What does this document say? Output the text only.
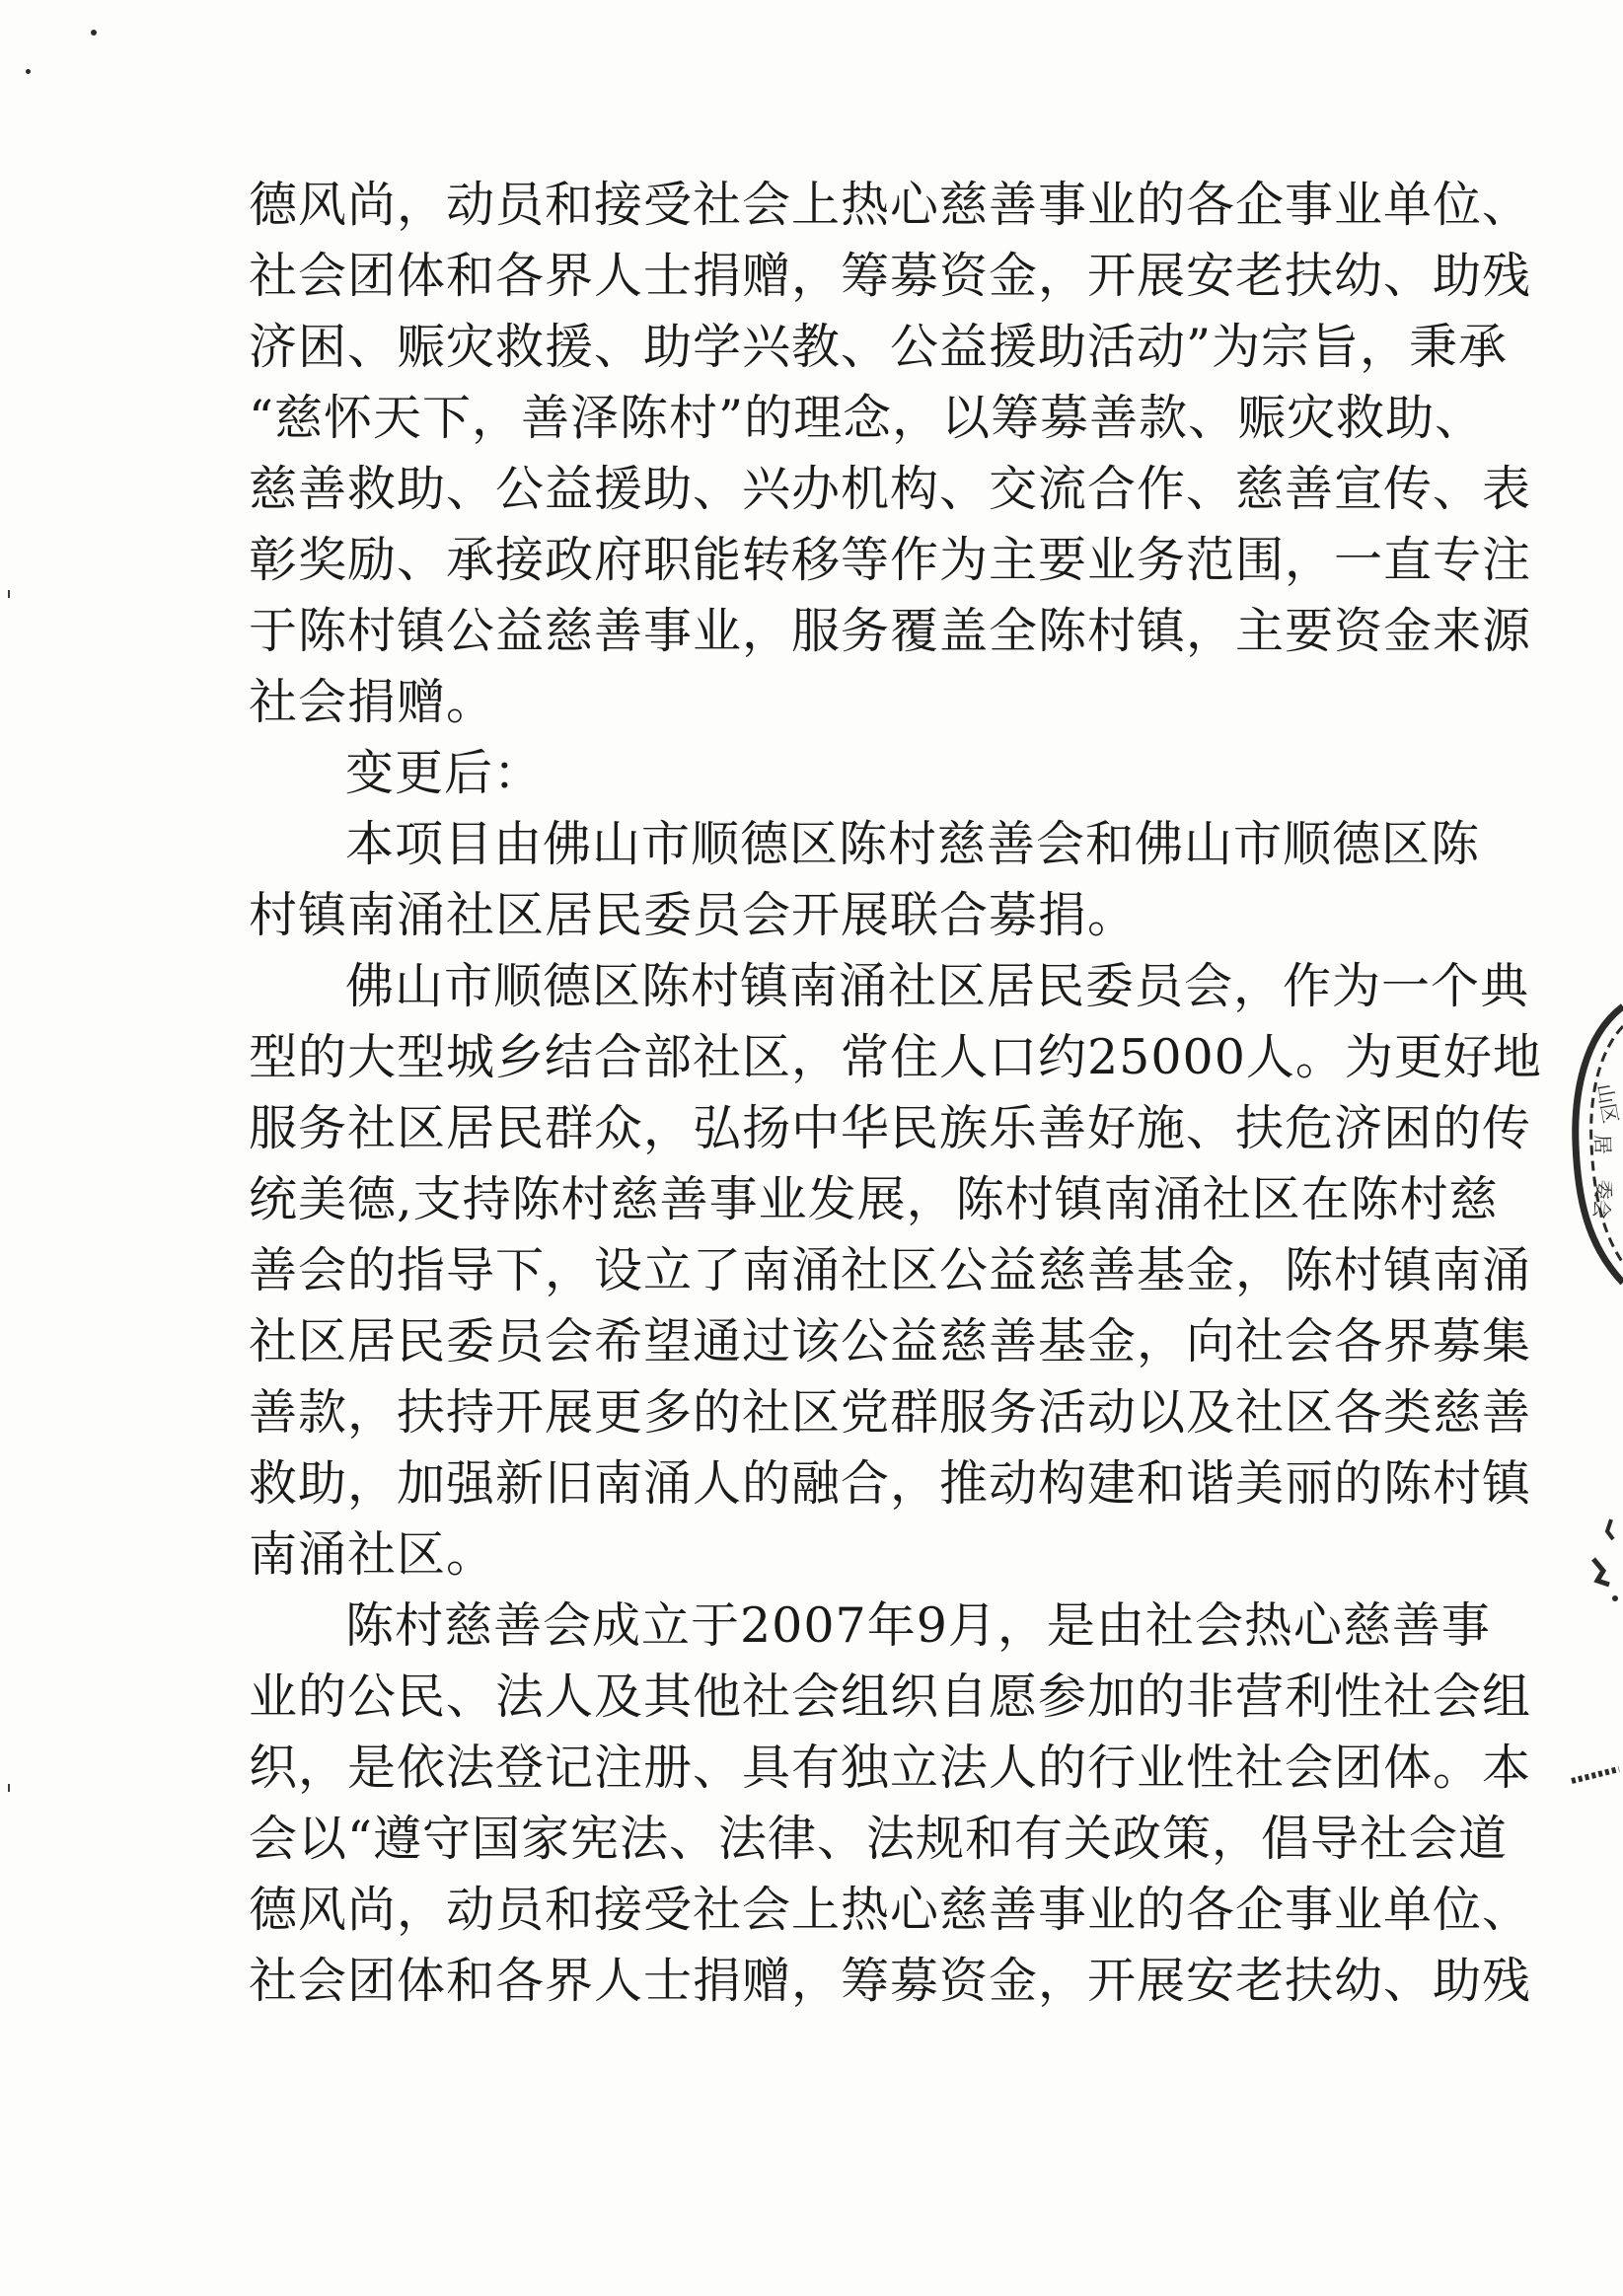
山区
居
委会
德风尚，动员和接受社会上热心慈善事业的各企事业单位、
社会团体和各界人士捐赠，筹募资金，开展安老扶幼、助残
济困、赈灾救援、助学兴教、公益援助活动”为宗旨，秉承
“慈怀天下，善泽陈村”的理念，以筹募善款、赈灾救助、
慈善救助、公益援助、兴办机构、交流合作、慈善宣传、表
彰奖励、承接政府职能转移等作为主要业务范围，一直专注
于陈村镇公益慈善事业，服务覆盖全陈村镇，主要资金来源
社会捐赠。
变更后：
本项目由佛山市顺德区陈村慈善会和佛山市顺德区陈
村镇南涌社区居民委员会开展联合募捐。
佛山市顺德区陈村镇南涌社区居民委员会，作为一个典
型的大型城乡结合部社区，常住人口约25000人。为更好地
服务社区居民群众，弘扬中华民族乐善好施、扶危济困的传
统美德,支持陈村慈善事业发展，陈村镇南涌社区在陈村慈
善会的指导下，设立了南涌社区公益慈善基金，陈村镇南涌
社区居民委员会希望通过该公益慈善基金，向社会各界募集
善款，扶持开展更多的社区党群服务活动以及社区各类慈善
救助，加强新旧南涌人的融合，推动构建和谐美丽的陈村镇
南涌社区。
陈村慈善会成立于2007年9月，是由社会热心慈善事
业的公民、法人及其他社会组织自愿参加的非营利性社会组
织，是依法登记注册、具有独立法人的行业性社会团体。本
会以“遵守国家宪法、法律、法规和有关政策，倡导社会道
德风尚，动员和接受社会上热心慈善事业的各企事业单位、
社会团体和各界人士捐赠，筹募资金，开展安老扶幼、助残
